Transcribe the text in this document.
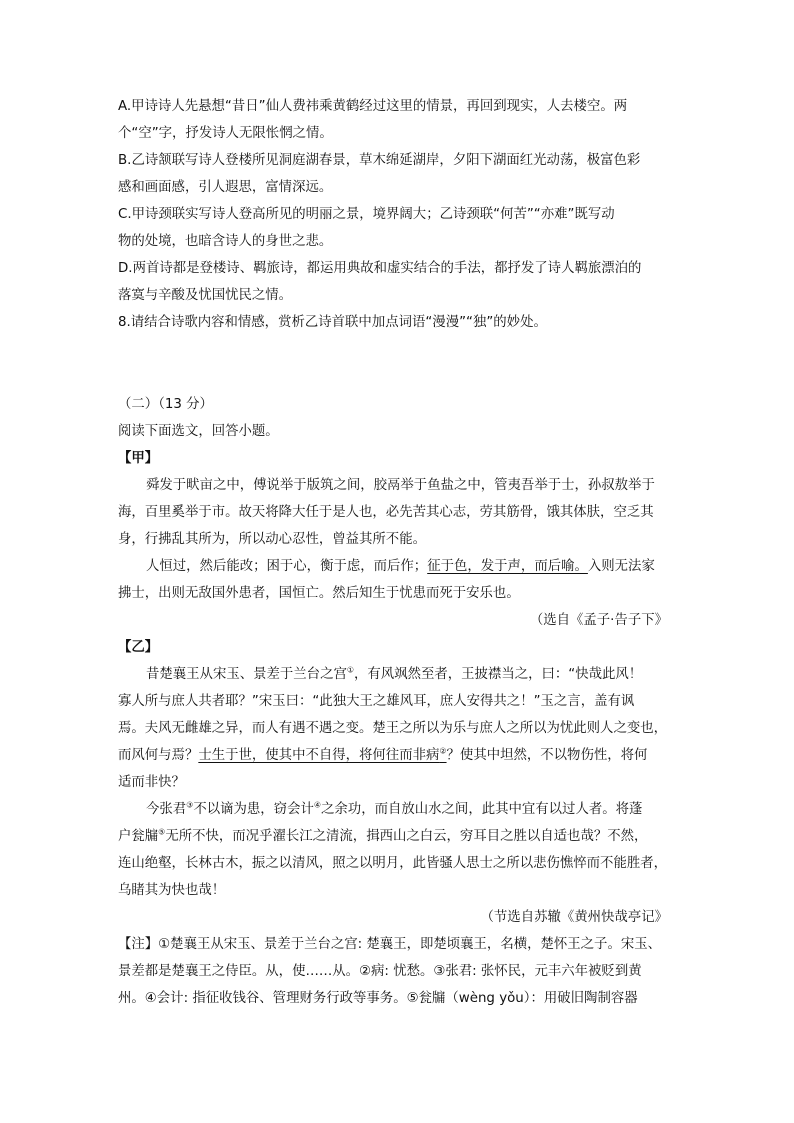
A.甲诗诗人先悬想“昔日”仙人费祎乘黄鹤经过这里的情景，再回到现实，人去楼空。两
个“空”字，抒发诗人无限怅惘之情。
B.乙诗颔联写诗人登楼所见洞庭湖春景，草木绵延湖岸，夕阳下湖面红光动荡，极富色彩
感和画面感，引人遐思，富情深远。
C.甲诗颈联实写诗人登高所见的明丽之景，境界阔大；乙诗颈联“何苦”“亦难”既写动
物的处境，也暗含诗人的身世之悲。
D.两首诗都是登楼诗、羁旅诗，都运用典故和虚实结合的手法，都抒发了诗人羁旅漂泊的
落寞与辛酸及忧国忧民之情。
8.请结合诗歌内容和情感，赏析乙诗首联中加点词语“漫漫”“独”的妙处。
（二）（13 分）
阅读下面选文，回答小题。
【甲】
舜发于畎亩之中，傅说举于版筑之间，胶鬲举于鱼盐之中，管夷吾举于士，孙叔敖举于
海，百里奚举于市。故天将降大任于是人也，必先苦其心志，劳其筋骨，饿其体肤，空乏其
身，行拂乱其所为，所以动心忍性，曾益其所不能。
人恒过，然后能改；困于心，衡于虑，而后作；征于色，发于声，而后喻。入则无法家
拂士，出则无敌国外患者，国恒亡。然后知生于忧患而死于安乐也。
（选自《孟子·告子下》
【乙】
昔楚襄王从宋玉、景差于兰台之宫①，有风飒然至者，王披襟当之，曰：“快哉此风！
寡人所与庶人共者耶？”宋玉曰：“此独大王之雄风耳，庶人安得共之！”玉之言，盖有讽
焉。夫风无雌雄之异，而人有遇不遇之变。楚王之所以为乐与庶人之所以为忧此则人之变也，
而风何与焉？士生于世，使其中不自得，将何往而非病②？使其中坦然，不以物伤性，将何
适而非快？
今张君③不以谪为患，窃会计④之余功，而自放山水之间，此其中宜有以过人者。将蓬
户瓮牖⑤无所不快，而况乎濯长江之清流，揖西山之白云，穷耳目之胜以自适也哉？不然，
连山绝壑，长林古木，振之以清风，照之以明月，此皆骚人思士之所以悲伤憔悴而不能胜者，
乌睹其为快也哉！
（节选自苏辙《黄州快哉亭记》
【注】①楚襄王从宋玉、景差于兰台之宫: 楚襄王，即楚顷襄王，名横，楚怀王之子。宋玉、
景差都是楚襄王之侍臣。从，使……从。②病: 忧愁。③张君: 张怀民，元丰六年被贬到黄
州。④会计: 指征收钱谷、管理财务行政等事务。⑤瓮牖（wèng yǒu）：用破旧陶制容器
